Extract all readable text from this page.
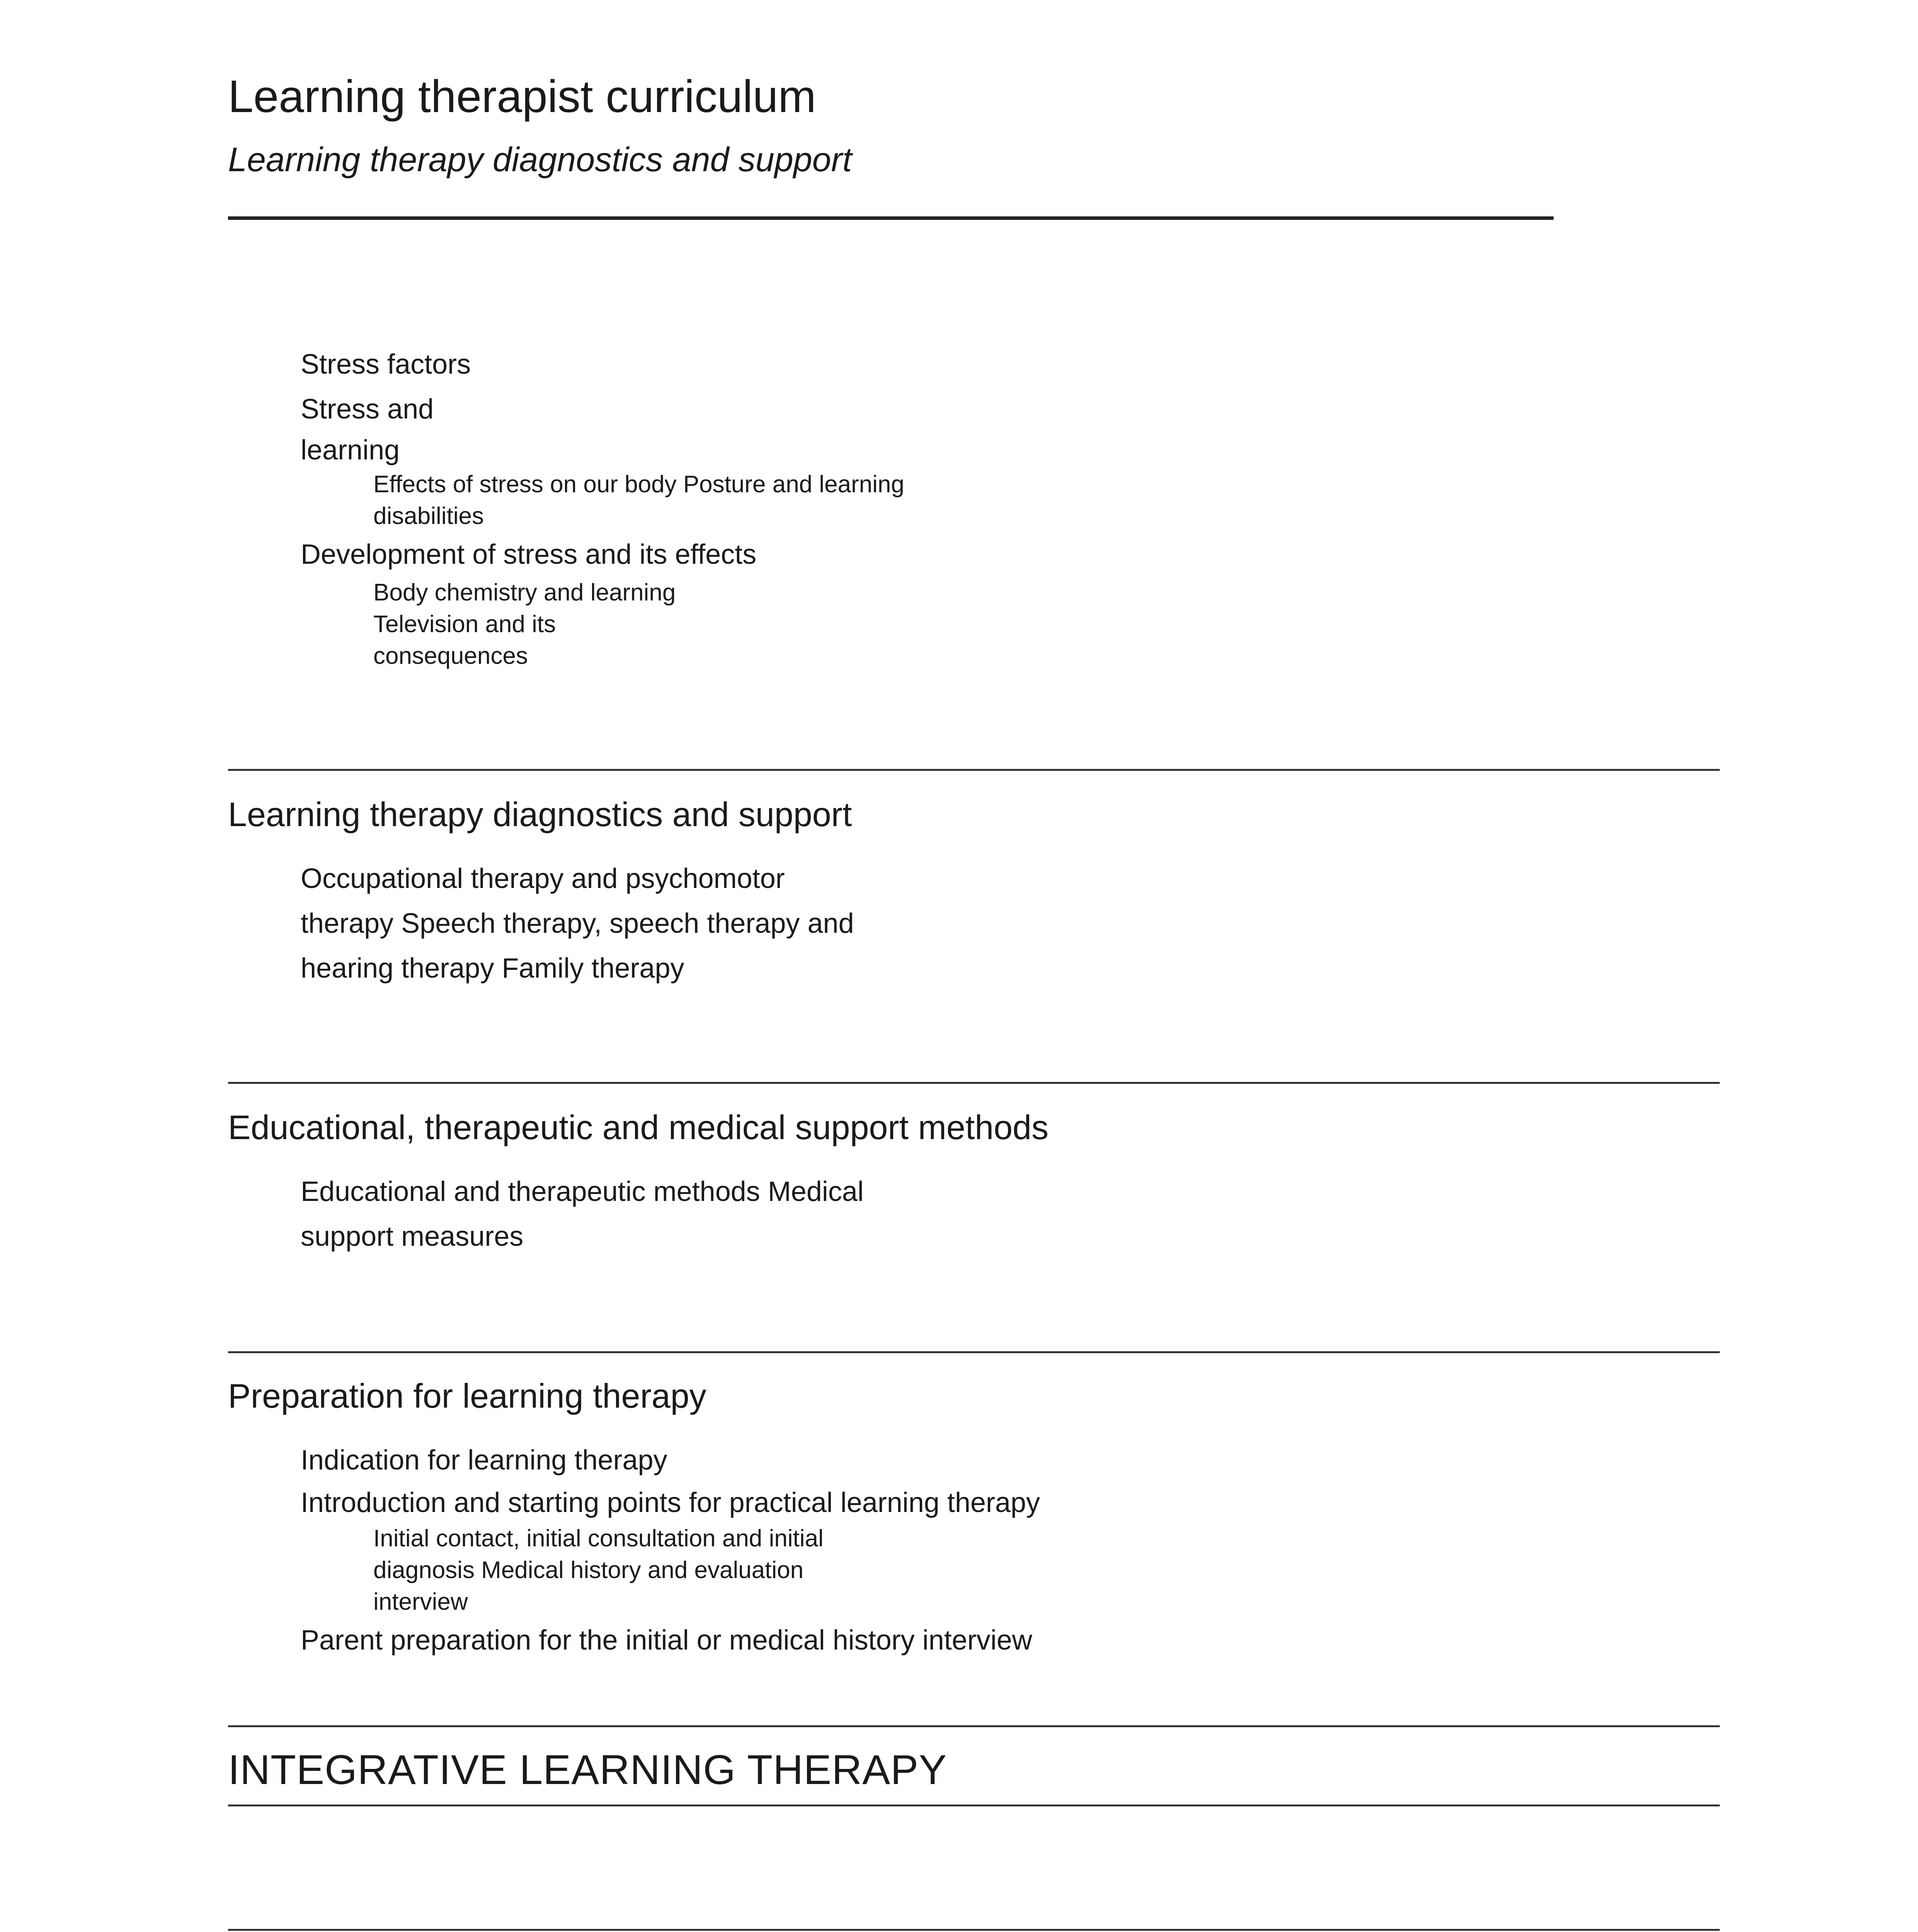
Learning therapist curriculum
Learning therapy diagnostics and support
Stress factors
Stress and
learning
Effects of stress on our body Posture and learning
disabilities
Development of stress and its effects
Body chemistry and learning
Television and its
consequences
Learning therapy diagnostics and support
Occupational therapy and psychomotor
therapy Speech therapy, speech therapy and
hearing therapy Family therapy
Educational, therapeutic and medical support methods
Educational and therapeutic methods Medical
support measures
Preparation for learning therapy
Indication for learning therapy
Introduction and starting points for practical learning therapy
Initial contact, initial consultation and initial
diagnosis Medical history and evaluation
interview
Parent preparation for the initial or medical history interview
INTEGRATIVE LEARNING THERAPY
